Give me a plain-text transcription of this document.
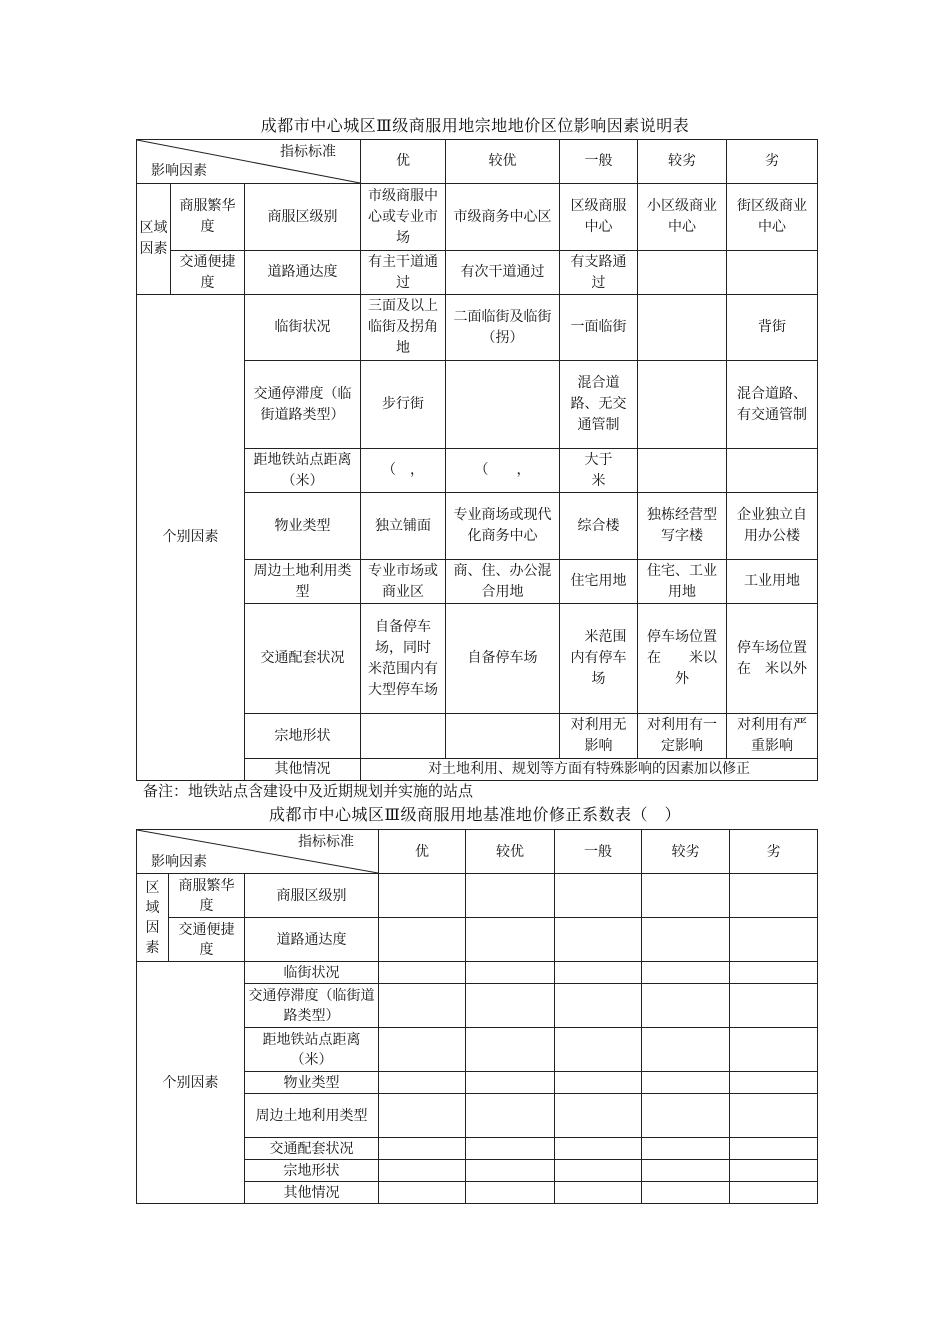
成都市中心城区Ⅲ级商服用地宗地地价区位影响因素说明表
指标标准
影响因素			优	较优	一般	较劣	劣
区域因素	商服繁华度	商服区级别	市级商服中心或专业市场	市级商务中心区	区级商服中心	小区级商业中心	街区级商业中心
	交通便捷度	道路通达度	有主干道通过	有次干道通过	有支路通过		
个别因素		临街状况	三面及以上临街及拐角地	二面临街及临街（拐）	一面临街		背街
		交通停滞度（临街道路类型）	步行街		混合道路、无交通管制		混合道路、有交通管制
		距地铁站点距离（米）	（　，	（　　，	大于　　米		
		物业类型	独立铺面	专业商场或现代化商务中心	综合楼	独栋经营型写字楼	企业独立自用办公楼
		周边土地利用类型	专业市场或商业区	商、住、办公混合用地	住宅用地	住宅、工业用地	工业用地
		交通配套状况	自备停车场，同时　米范围内有大型停车场	自备停车场	　米范围内有停车场	停车场位置在　　米以外	停车场位置在　米以外
		宗地形状			对利用无影响	对利用有一定影响	对利用有严重影响
		其他情况	对土地利用、规划等方面有特殊影响的因素加以修正				
备注：地铁站点含建设中及近期规划并实施的站点
成都市中心城区Ⅲ级商服用地基准地价修正系数表（　）
指标标准
影响因素			优	较优	一般	较劣	劣
区域因素	商服繁华度	商服区级别					
	交通便捷度	道路通达度					
个别因素		临街状况					
		交通停滞度（临街道路类型）					
		距地铁站点距离（米）					
		物业类型					
		周边土地利用类型					
		交通配套状况					
		宗地形状					
		其他情况					
